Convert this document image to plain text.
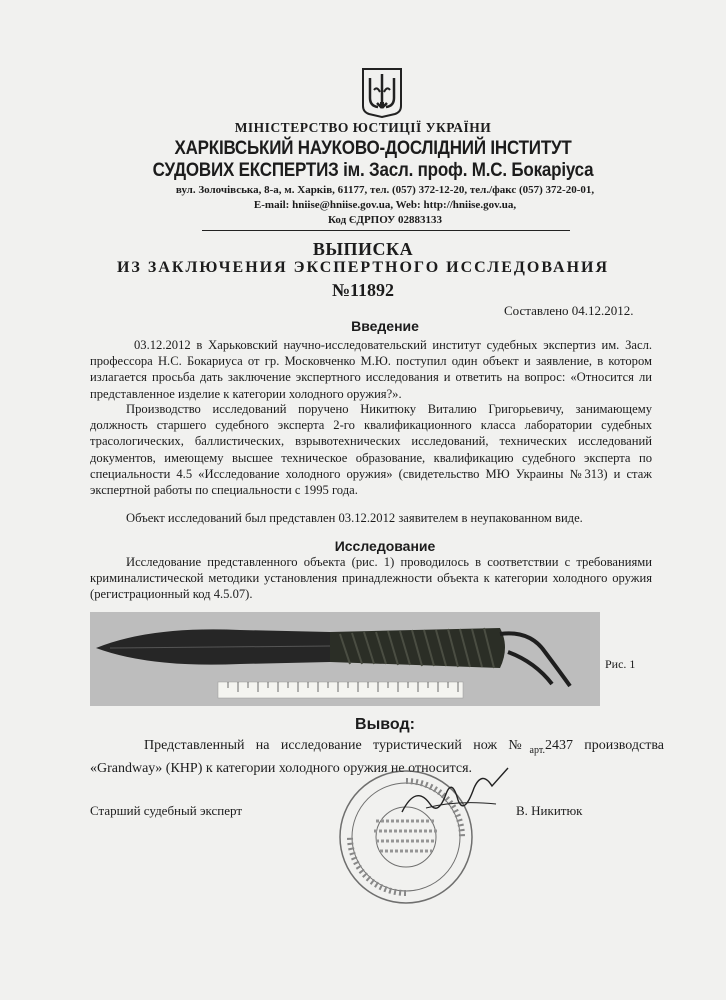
МІНІСТЕРСТВО ЮСТИЦІЇ УКРАЇНИ
ХАРКІВСЬКИЙ НАУКОВО-ДОСЛІДНИЙ ІНСТИТУТ
СУДОВИХ ЕКСПЕРТИЗ ім. Засл. проф. М.С. Бокаріуса
вул. Золочівська, 8-а, м. Харків, 61177, тел. (057) 372-12-20, тел./факс (057) 372-20-01,
E-mail: hniise@hniise.gov.ua, Web: http://hniise.gov.ua,
Код ЄДРПОУ 02883133
ВЫПИСКА
ИЗ ЗАКЛЮЧЕНИЯ ЭКСПЕРТНОГО ИССЛЕДОВАНИЯ
№11892
Составлено 04.12.2012.
Введение

03.12.2012 в Харьковский научно-исследовательский институт судебных экспертиз им. Засл. профессора Н.С. Бокариуса от гр. Московченко М.Ю. поступил один объект и заявление, в котором излагается просьба дать заключение экспертного исследования и ответить на вопрос: «Относится ли представленное изделие к категории холодного оружия?».

Производство исследований поручено Никитюку Виталию Григорьевичу, занимающему должность старшего судебного эксперта 2-го квалификационного класса лаборатории судебных трасологических, баллистических, взрывотехнических исследований, технических исследований документов, имеющему высшее техническое образование, квалификацию судебного эксперта по специальности 4.5 «Исследование холодного оружия» (свидетельство МЮ Украины №313) и стаж экспертной работы по специальности с 1995 года.

Объект исследований был представлен 03.12.2012 заявителем в неупакованном виде.

Исследование

Исследование представленного объекта (рис. 1) проводилось в соответствии с требованиями криминалистической методики установления принадлежности объекта к категории холодного оружия (регистрационный код 4.5.07).

Рис. 1
Вывод:

Представленный на исследование туристический нож $№_{арт.}2437$ производства «Grandway» (КНР) к категории холодного оружия не относится.

Старший судебный эксперт	В. Никитюк
